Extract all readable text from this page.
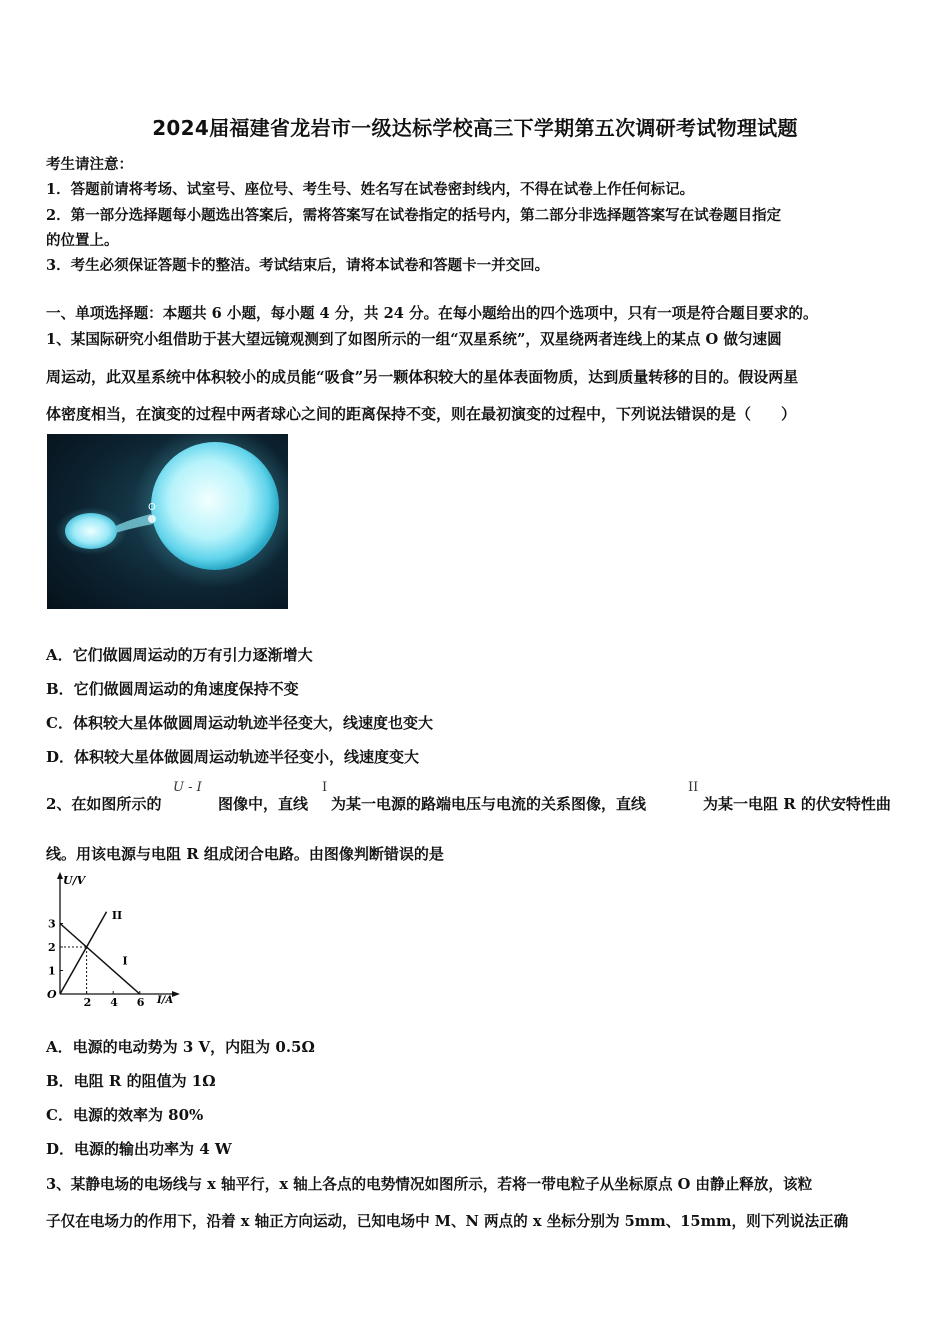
2024届福建省龙岩市一级达标学校高三下学期第五次调研考试物理试题
考生请注意：
1．答题前请将考场、试室号、座位号、考生号、姓名写在试卷密封线内，不得在试卷上作任何标记。
2．第一部分选择题每小题选出答案后，需将答案写在试卷指定的括号内，第二部分非选择题答案写在试卷题目指定
的位置上。
3．考生必须保证答题卡的整洁。考试结束后，请将本试卷和答题卡一并交回。
一、单项选择题：本题共 6 小题，每小题 4 分，共 24 分。在每小题给出的四个选项中，只有一项是符合题目要求的。
1、某国际研究小组借助于甚大望远镜观测到了如图所示的一组“双星系统”，双星绕两者连线上的某点 O 做匀速圆
周运动，此双星系统中体积较小的成员能“吸食”另一颗体积较大的星体表面物质，达到质量转移的目的。假设两星
体密度相当，在演变的过程中两者球心之间的距离保持不变，则在最初演变的过程中，下列说法错误的是（　　）
O
A．它们做圆周运动的万有引力逐渐增大
B．它们做圆周运动的角速度保持不变
C．体积较大星体做圆周运动轨迹半径变大，线速度也变大
D．体积较大星体做圆周运动轨迹半径变小，线速度变大
2、在如图所示的
U - I
图像中，直线
I
为某一电源的路端电压与电流的关系图像，直线
II
为某一电阻 R 的伏安特性曲
线。用该电源与电阻 R 组成闭合电路。由图像判断错误的是
U/V
I/A
O
1
2
3
2 4 6
I
II
A．电源的电动势为 3 V，内阻为 0.5Ω
B．电阻 R 的阻值为 1Ω
C．电源的效率为 80%
D．电源的输出功率为 4 W
3、某静电场的电场线与 x 轴平行，x 轴上各点的电势情况如图所示，若将一带电粒子从坐标原点 O 由静止释放，该粒
子仅在电场力的作用下，沿着 x 轴正方向运动，已知电场中 M、N 两点的 x 坐标分别为 5mm、15mm，则下列说法正确
